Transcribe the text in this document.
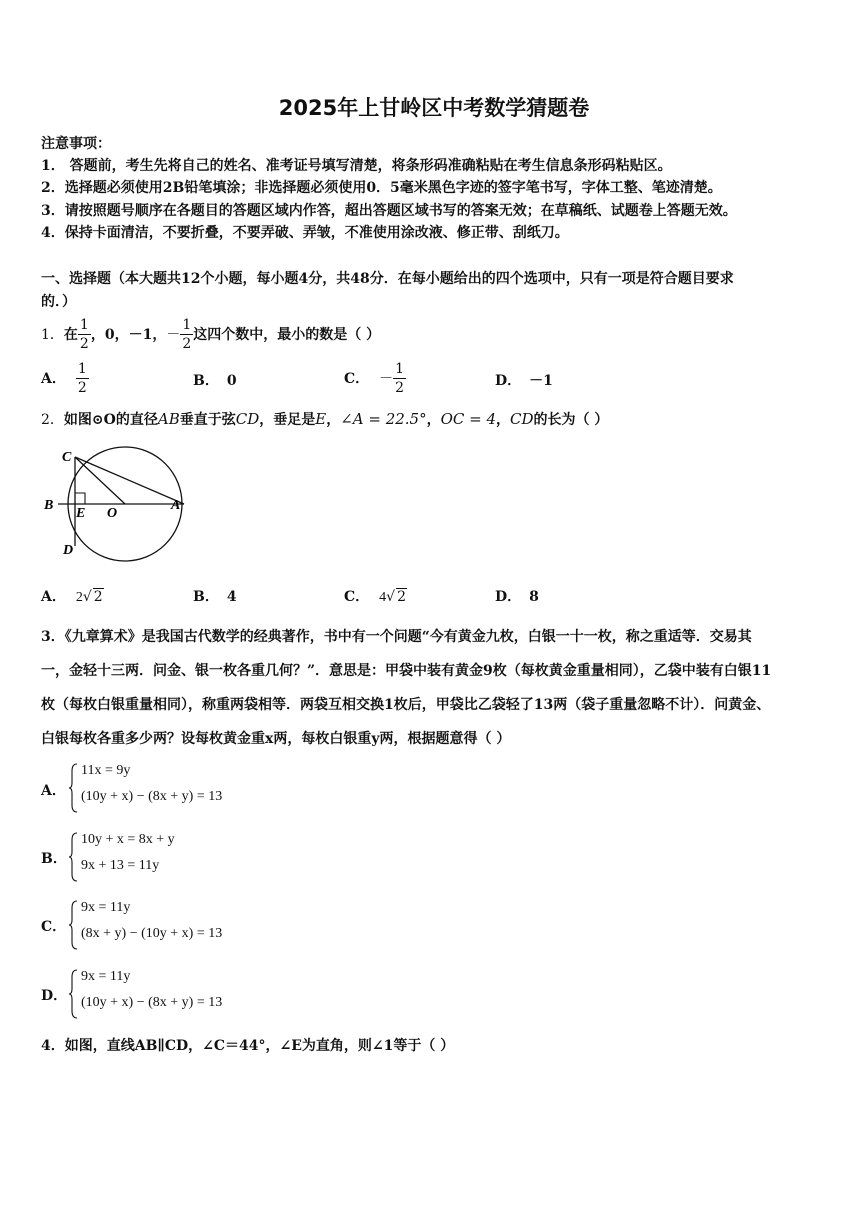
2025年上甘岭区中考数学猜题卷
注意事项：
1． 答题前，考生先将自己的姓名、准考证号填写清楚，将条形码准确粘贴在考生信息条形码粘贴区。
2．选择题必须使用2B铅笔填涂；非选择题必须使用0．5毫米黑色字迹的签字笔书写，字体工整、笔迹清楚。
3．请按照题号顺序在各题目的答题区域内作答，超出答题区域书写的答案无效；在草稿纸、试题卷上答题无效。
4．保持卡面清洁，不要折叠，不要弄破、弄皱，不准使用涂改液、修正带、刮纸刀。
一、选择题（本大题共12个小题，每小题4分，共48分．在每小题给出的四个选项中，只有一项是符合题目要求
的．）
1． 在 $\frac{1}{2}$ ，0，－1， － $\frac{1}{2}$ 这四个数中，最小的数是（ ）
A． $\frac{1}{2}$	B． 0	C． － $\frac{1}{2}$	D． －1
2．如图⊙O的直径AB垂直于弦CD，垂足是E，∠A = 22.5°，OC = 4，CD的长为（ ）
C
B
E O
A
D
A． 2√ 2	B． 4	C． 4√ 2	D． 8
3．《九章算术》是我国古代数学的经典著作，书中有一个问题“今有黄金九枚，白银一十一枚，称之重适等．交易其
一，金轻十三两．问金、银一枚各重几何？”．意思是：甲袋中装有黄金9枚（每枚黄金重量相同），乙袋中装有白银11
枚（每枚白银重量相同），称重两袋相等．两袋互相交换1枚后，甲袋比乙袋轻了13两（袋子重量忽略不计）．问黄金、
白银每枚各重多少两？设每枚黄金重x两，每枚白银重y两，根据题意得（ ）
A．
11x = 9y
(10y + x) − (8x + y) = 13
B．
10y + x = 8x + y
9x + 13 = 11y
C．
9x = 11y
(8x + y) − (10y + x) = 13
D．
9x = 11y
(10y + x) − (8x + y) = 13
4．如图，直线AB∥CD，∠C＝44°，∠E为直角，则∠1等于（ ）
